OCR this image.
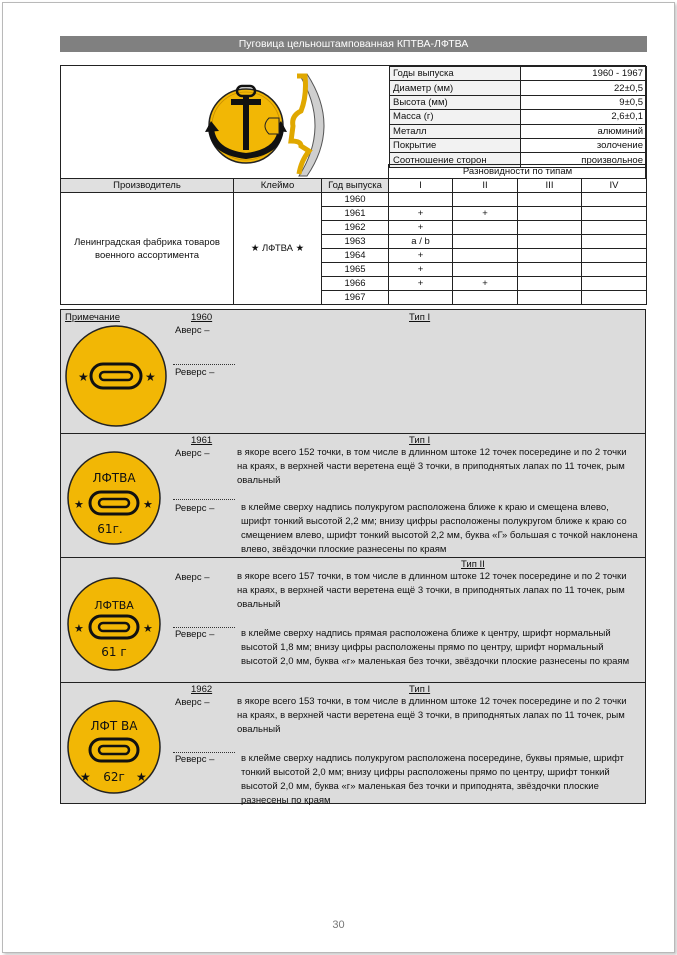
Пуговица цельноштампованная КПТВА-ЛФТВА
Годы выпуска	1960 - 1967
Диаметр (мм)	22±0,5
Высота (мм)	9±0,5
Масса (г)	2,6±0,1
Металл	алюминий
Покрытие	золочение
Соотношение сторон	произвольное
			Разновидности по типам			
Производитель	Клеймо	Год выпуска	I	II	III	IV
Ленинградская фабрика товаров военного ассортимента	★ ЛФТВА ★	1960				
		1961	+	+		
		1962	+			
		1963	a / b			
		1964	+			
		1965	+			
		1966	+	+		
		1967				
Примечание	1960	Тип I
Аверс –
Реверс –
★	★
1961	Тип I
Аверс –	в якоре всего 152 точки, в том числе в длинном штоке 12 точек посередине и по 2 точки на краях, в верхней части веретена ещё 3 точки, в приподнятых лапах по 11 точек, рым овальный
Реверс –	в клейме сверху надпись полукругом расположена ближе к краю и смещена влево, шрифт тонкий высотой 2,2 мм; внизу цифры расположены полукругом ближе к краю со смещением влево, шрифт тонкий высотой 2,2 мм, буква «Г» большая с точкой наклонена влево, звёздочки плоские разнесены по краям
ЛФТВА
★	★
61г.
Тип II
Аверс –	в якоре всего 157 точки, в том числе в длинном штоке 12 точек посередине и по 2 точки на краях, в верхней части веретена ещё 3 точки, в приподнятых лапах по 11 точек, рым овальный
Реверс –	в клейме сверху надпись прямая расположена ближе к центру, шрифт нормальный высотой 1,8 мм; внизу цифры расположены прямо по центру, шрифт нормальный высотой 2,0 мм, буква «г» маленькая без точки, звёздочки плоские разнесены по краям
ЛФТВА
★	★
61 г
1962	Тип I
Аверс –	в якоре всего 153 точки, в том числе в длинном штоке 12 точек посередине и по 2 точки на краях, в верхней части веретена ещё 3 точки, в приподнятых лапах по 11 точек, рым овальный
Реверс –	в клейме сверху надпись полукругом расположена посередине, буквы прямые, шрифт тонкий высотой 2,0 мм; внизу цифры расположены прямо по центру, шрифт тонкий высотой 2,0 мм, буква «г» маленькая без точки и приподнята, звёздочки плоские разнесены по краям
ЛФТ ВА
★	★
62г
30
